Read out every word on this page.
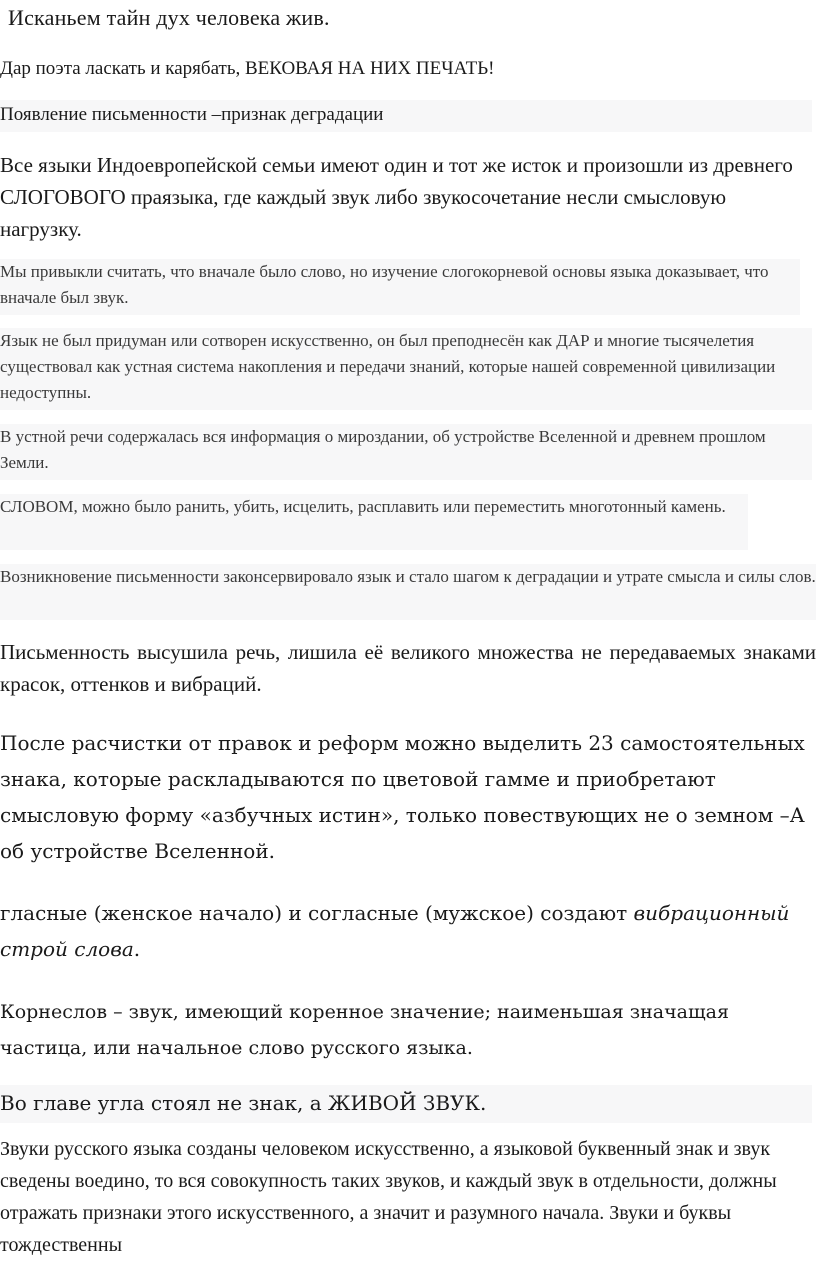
Исканьем тайн дух человека жив.

Дар поэта ласкать и карябать, ВЕКОВАЯ НА НИХ ПЕЧАТЬ!

Появление письменности –признак деградации

Все языки Индоевропейской семьи имеют один и тот же исток и произошли из древнего СЛОГОВОГО праязыка, где каждый звук либо звукосочетание несли смысловую нагрузку.

Мы привыкли считать, что вначале было слово, но изучение слогокорневой основы языка доказывает, что вначале был звук.

Язык не был придуман или сотворен искусственно, он был преподнесён как ДАР и многие тысячелетия существовал как устная система накопления и передачи знаний, которые нашей современной цивилизации недоступны.

В устной речи содержалась вся информация о мироздании, об устройстве Вселенной и древнем прошлом Земли.

СЛОВОМ, можно было ранить, убить, исцелить, расплавить или переместить многотонный камень.

Возникновение письменности законсервировало язык и стало шагом к деградации и утрате смысла и силы слов.

Письменность высушила речь, лишила её великого множества не передаваемых знаками красок, оттенков и вибраций.

После расчистки от правок и реформ можно выделить 23 самостоятельных знака, которые раскладываются по цветовой гамме и приобретают смысловую форму «азбучных истин», только повествующих не о земном –А об устройстве Вселенной.

гласные (женское начало) и согласные (мужское) создают вибрационный строй слова.

Корнеслов – звук, имеющий коренное значение; наименьшая значащая частица, или начальное слово русского языка.

Во главе угла стоял не знак, а ЖИВОЙ ЗВУК.

Звуки русского языка созданы человеком искусственно, а языковой буквенный знак и звук сведены воедино, то вся совокупность таких звуков, и каждый звук в отдельности, должны отражать признаки этого искусственного, а значит и разумного начала. Звуки и буквы тождественны
